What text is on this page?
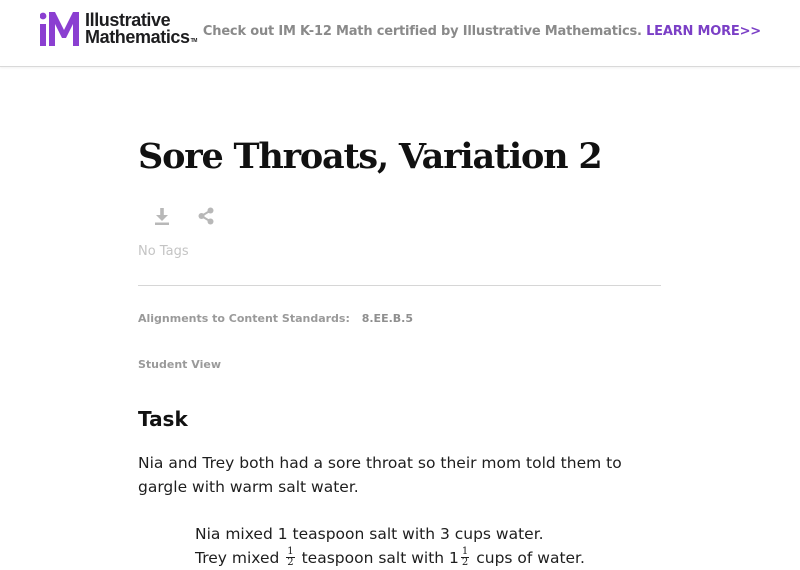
Illustrative
Mathematics™
Check out IM K-12 Math certified by Illustrative Mathematics. LEARN MORE>>
Sore Throats, Variation 2
No Tags
Alignments to Content Standards: 8.EE.B.5
Student View
Task

Nia and Trey both had a sore throat so their mom told them to gargle with warm salt water.

Nia mixed 1 teaspoon salt with 3 cups water.
Trey mixed $\frac{1}{2}$ teaspoon salt with $1 \frac{1}{2}$ cups of water.
